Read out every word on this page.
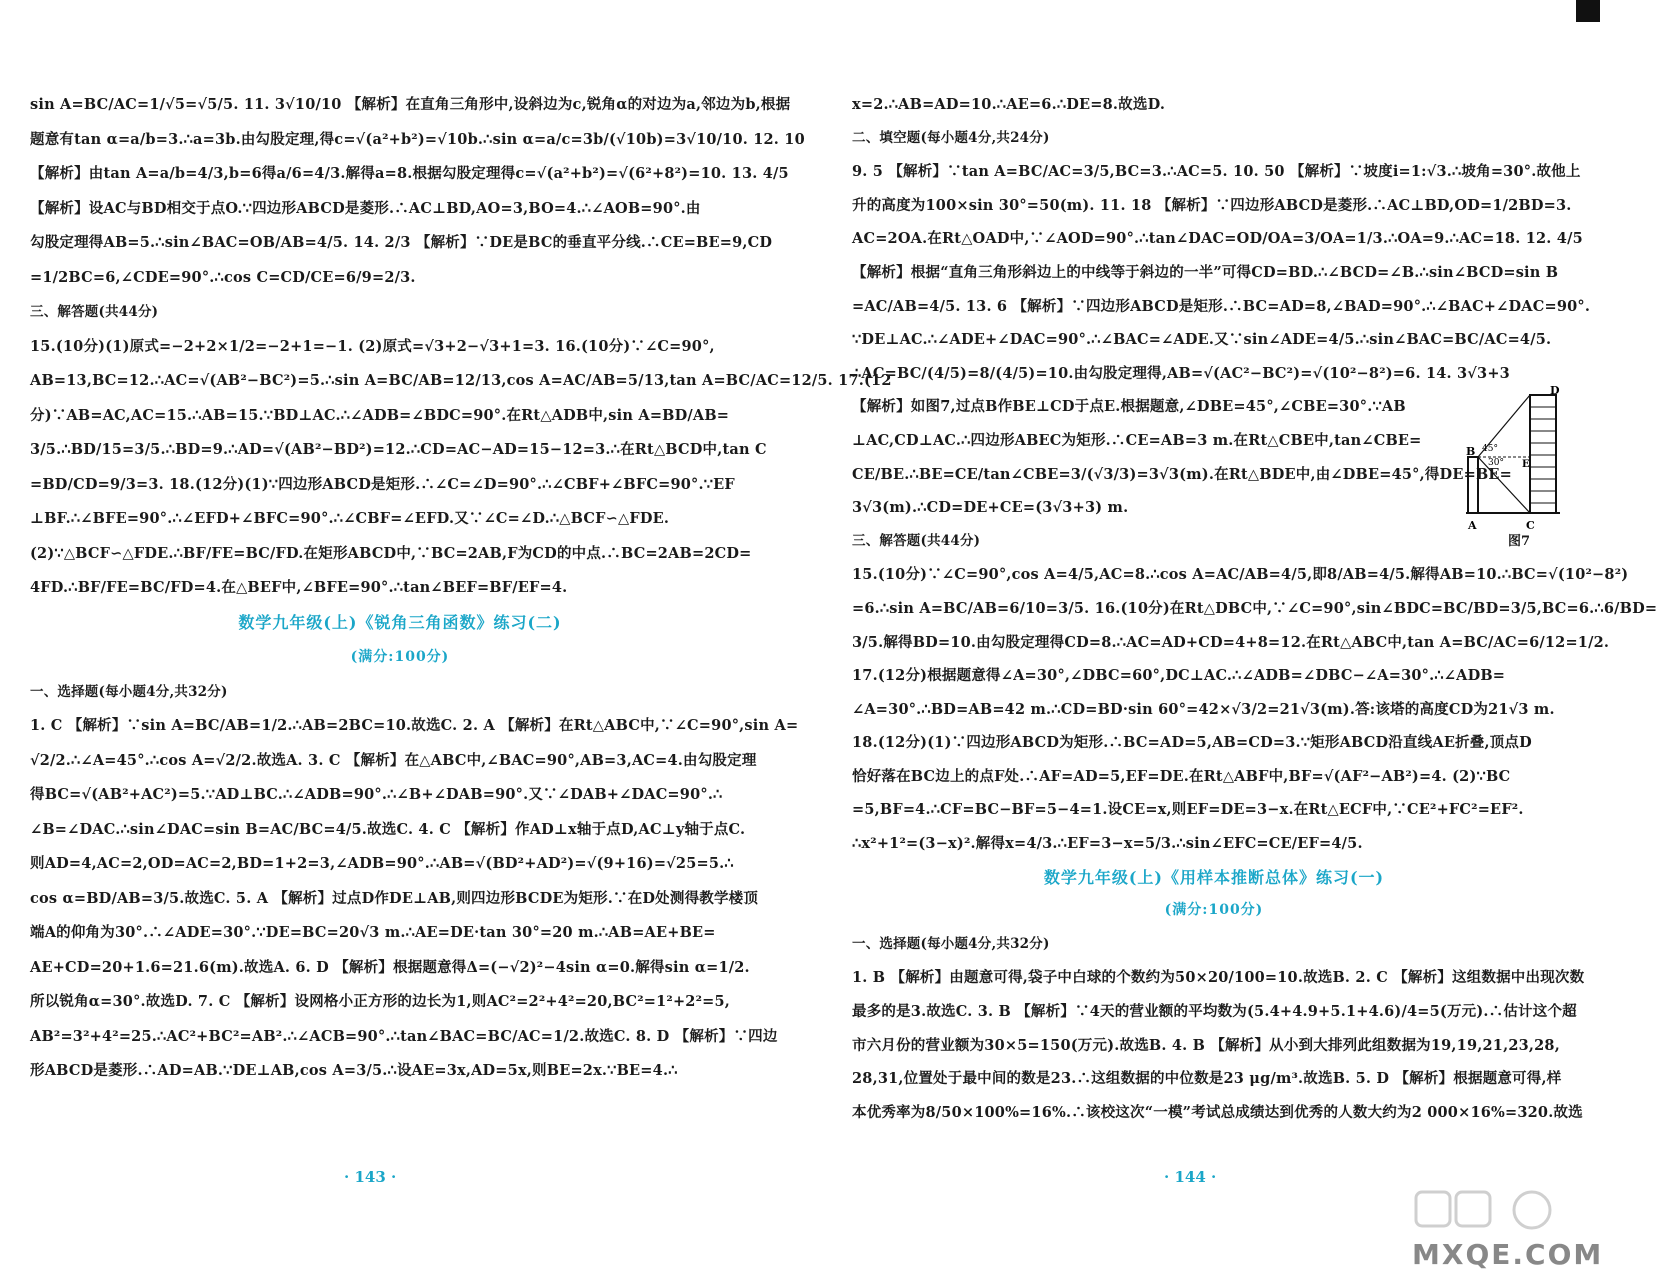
sin A=BC/AC=1/√5=√5/5. 11. 3√10/10 【解析】在直角三角形中,设斜边为c,锐角α的对边为a,邻边为b,根据
题意有tan α=a/b=3.∴a=3b.由勾股定理,得c=√(a²+b²)=√10b.∴sin α=a/c=3b/(√10b)=3√10/10. 12. 10
【解析】由tan A=a/b=4/3,b=6得a/6=4/3.解得a=8.根据勾股定理得c=√(a²+b²)=√(6²+8²)=10. 13. 4/5
【解析】设AC与BD相交于点O.∵四边形ABCD是菱形.∴AC⊥BD,AO=3,BO=4.∴∠AOB=90°.由
勾股定理得AB=5.∴sin∠BAC=OB/AB=4/5. 14. 2/3 【解析】∵DE是BC的垂直平分线.∴CE=BE=9,CD
=1/2BC=6,∠CDE=90°.∴cos C=CD/CE=6/9=2/3.
三、解答题(共44分)
15.(10分)(1)原式=−2+2×1/2=−2+1=−1. (2)原式=√3+2−√3+1=3. 16.(10分)∵∠C=90°,
AB=13,BC=12.∴AC=√(AB²−BC²)=5.∴sin A=BC/AB=12/13,cos A=AC/AB=5/13,tan A=BC/AC=12/5. 17.(12
分)∵AB=AC,AC=15.∴AB=15.∵BD⊥AC.∴∠ADB=∠BDC=90°.在Rt△ADB中,sin A=BD/AB=
3/5.∴BD/15=3/5.∴BD=9.∴AD=√(AB²−BD²)=12.∴CD=AC−AD=15−12=3.∴在Rt△BCD中,tan C
=BD/CD=9/3=3. 18.(12分)(1)∵四边形ABCD是矩形.∴∠C=∠D=90°.∴∠CBF+∠BFC=90°.∵EF
⊥BF.∴∠BFE=90°.∴∠EFD+∠BFC=90°.∴∠CBF=∠EFD.又∵∠C=∠D.∴△BCF∽△FDE.
(2)∵△BCF∽△FDE.∴BF/FE=BC/FD.在矩形ABCD中,∵BC=2AB,F为CD的中点.∴BC=2AB=2CD=
4FD.∴BF/FE=BC/FD=4.在△BEF中,∠BFE=90°.∴tan∠BEF=BF/EF=4.
数学九年级(上)《锐角三角函数》练习(二)
(满分:100分)
一、选择题(每小题4分,共32分)
1. C 【解析】∵sin A=BC/AB=1/2.∴AB=2BC=10.故选C. 2. A 【解析】在Rt△ABC中,∵∠C=90°,sin A=
√2/2.∴∠A=45°.∴cos A=√2/2.故选A. 3. C 【解析】在△ABC中,∠BAC=90°,AB=3,AC=4.由勾股定理
得BC=√(AB²+AC²)=5.∵AD⊥BC.∴∠ADB=90°.∴∠B+∠DAB=90°.又∵∠DAB+∠DAC=90°.∴
∠B=∠DAC.∴sin∠DAC=sin B=AC/BC=4/5.故选C. 4. C 【解析】作AD⊥x轴于点D,AC⊥y轴于点C.
则AD=4,AC=2,OD=AC=2,BD=1+2=3,∠ADB=90°.∴AB=√(BD²+AD²)=√(9+16)=√25=5.∴
cos α=BD/AB=3/5.故选C. 5. A 【解析】过点D作DE⊥AB,则四边形BCDE为矩形.∵在D处测得教学楼顶
端A的仰角为30°.∴∠ADE=30°.∵DE=BC=20√3 m.∴AE=DE·tan 30°=20 m.∴AB=AE+BE=
AE+CD=20+1.6=21.6(m).故选A. 6. D 【解析】根据题意得Δ=(−√2)²−4sin α=0.解得sin α=1/2.
所以锐角α=30°.故选D. 7. C 【解析】设网格小正方形的边长为1,则AC²=2²+4²=20,BC²=1²+2²=5,
AB²=3²+4²=25.∴AC²+BC²=AB².∴∠ACB=90°.∴tan∠BAC=BC/AC=1/2.故选C. 8. D 【解析】∵四边
形ABCD是菱形.∴AD=AB.∵DE⊥AB,cos A=3/5.∴设AE=3x,AD=5x,则BE=2x.∵BE=4.∴
· 143 ·
x=2.∴AB=AD=10.∴AE=6.∴DE=8.故选D.
二、填空题(每小题4分,共24分)
9. 5 【解析】∵tan A=BC/AC=3/5,BC=3.∴AC=5. 10. 50 【解析】∵坡度i=1:√3.∴坡角=30°.故他上
升的高度为100×sin 30°=50(m). 11. 18 【解析】∵四边形ABCD是菱形.∴AC⊥BD,OD=1/2BD=3.
AC=2OA.在Rt△OAD中,∵∠AOD=90°.∴tan∠DAC=OD/OA=3/OA=1/3.∴OA=9.∴AC=18. 12. 4/5
【解析】根据“直角三角形斜边上的中线等于斜边的一半”可得CD=BD.∴∠BCD=∠B.∴sin∠BCD=sin B
=AC/AB=4/5. 13. 6 【解析】∵四边形ABCD是矩形.∴BC=AD=8,∠BAD=90°.∴∠BAC+∠DAC=90°.
∵DE⊥AC.∴∠ADE+∠DAC=90°.∴∠BAC=∠ADE.又∵sin∠ADE=4/5.∴sin∠BAC=BC/AC=4/5.
∴AC=BC/(4/5)=8/(4/5)=10.由勾股定理得,AB=√(AC²−BC²)=√(10²−8²)=6. 14. 3√3+3
【解析】如图7,过点B作BE⊥CD于点E.根据题意,∠DBE=45°,∠CBE=30°.∵AB
⊥AC,CD⊥AC.∴四边形ABEC为矩形.∴CE=AB=3 m.在Rt△CBE中,tan∠CBE=
CE/BE.∴BE=CE/tan∠CBE=3/(√3/3)=3√3(m).在Rt△BDE中,由∠DBE=45°,得DE=BE=
3√3(m).∴CD=DE+CE=(3√3+3) m.
三、解答题(共44分)
15.(10分)∵∠C=90°,cos A=4/5,AC=8.∴cos A=AC/AB=4/5,即8/AB=4/5.解得AB=10.∴BC=√(10²−8²)
=6.∴sin A=BC/AB=6/10=3/5. 16.(10分)在Rt△DBC中,∵∠C=90°,sin∠BDC=BC/BD=3/5,BC=6.∴6/BD=
3/5.解得BD=10.由勾股定理得CD=8.∴AC=AD+CD=4+8=12.在Rt△ABC中,tan A=BC/AC=6/12=1/2.
17.(12分)根据题意得∠A=30°,∠DBC=60°,DC⊥AC.∴∠ADB=∠DBC−∠A=30°.∴∠ADB=
∠A=30°.∴BD=AB=42 m.∴CD=BD·sin 60°=42×√3/2=21√3(m).答:该塔的高度CD为21√3 m.
18.(12分)(1)∵四边形ABCD为矩形.∴BC=AD=5,AB=CD=3.∵矩形ABCD沿直线AE折叠,顶点D
恰好落在BC边上的点F处.∴AF=AD=5,EF=DE.在Rt△ABF中,BF=√(AF²−AB²)=4. (2)∵BC
=5,BF=4.∴CF=BC−BF=5−4=1.设CE=x,则EF=DE=3−x.在Rt△ECF中,∵CE²+FC²=EF².
∴x²+1²=(3−x)².解得x=4/3.∴EF=3−x=5/3.∴sin∠EFC=CE/EF=4/5.
数学九年级(上)《用样本推断总体》练习(一)
(满分:100分)
一、选择题(每小题4分,共32分)
1. B 【解析】由题意可得,袋子中白球的个数约为50×20/100=10.故选B. 2. C 【解析】这组数据中出现次数
最多的是3.故选C. 3. B 【解析】∵4天的营业额的平均数为(5.4+4.9+5.1+4.6)/4=5(万元).∴估计这个超
市六月份的营业额为30×5=150(万元).故选B. 4. B 【解析】从小到大排列此组数据为19,19,21,23,28,
28,31,位置处于最中间的数是23.∴这组数据的中位数是23 μg/m³.故选B. 5. D 【解析】根据题意可得,样
本优秀率为8/50×100%=16%.∴该校这次“一模”考试总成绩达到优秀的人数大约为2 000×16%=320.故选
· 144 ·
D
B
E
A	C
45°
30°
图7
MXQE.COM
